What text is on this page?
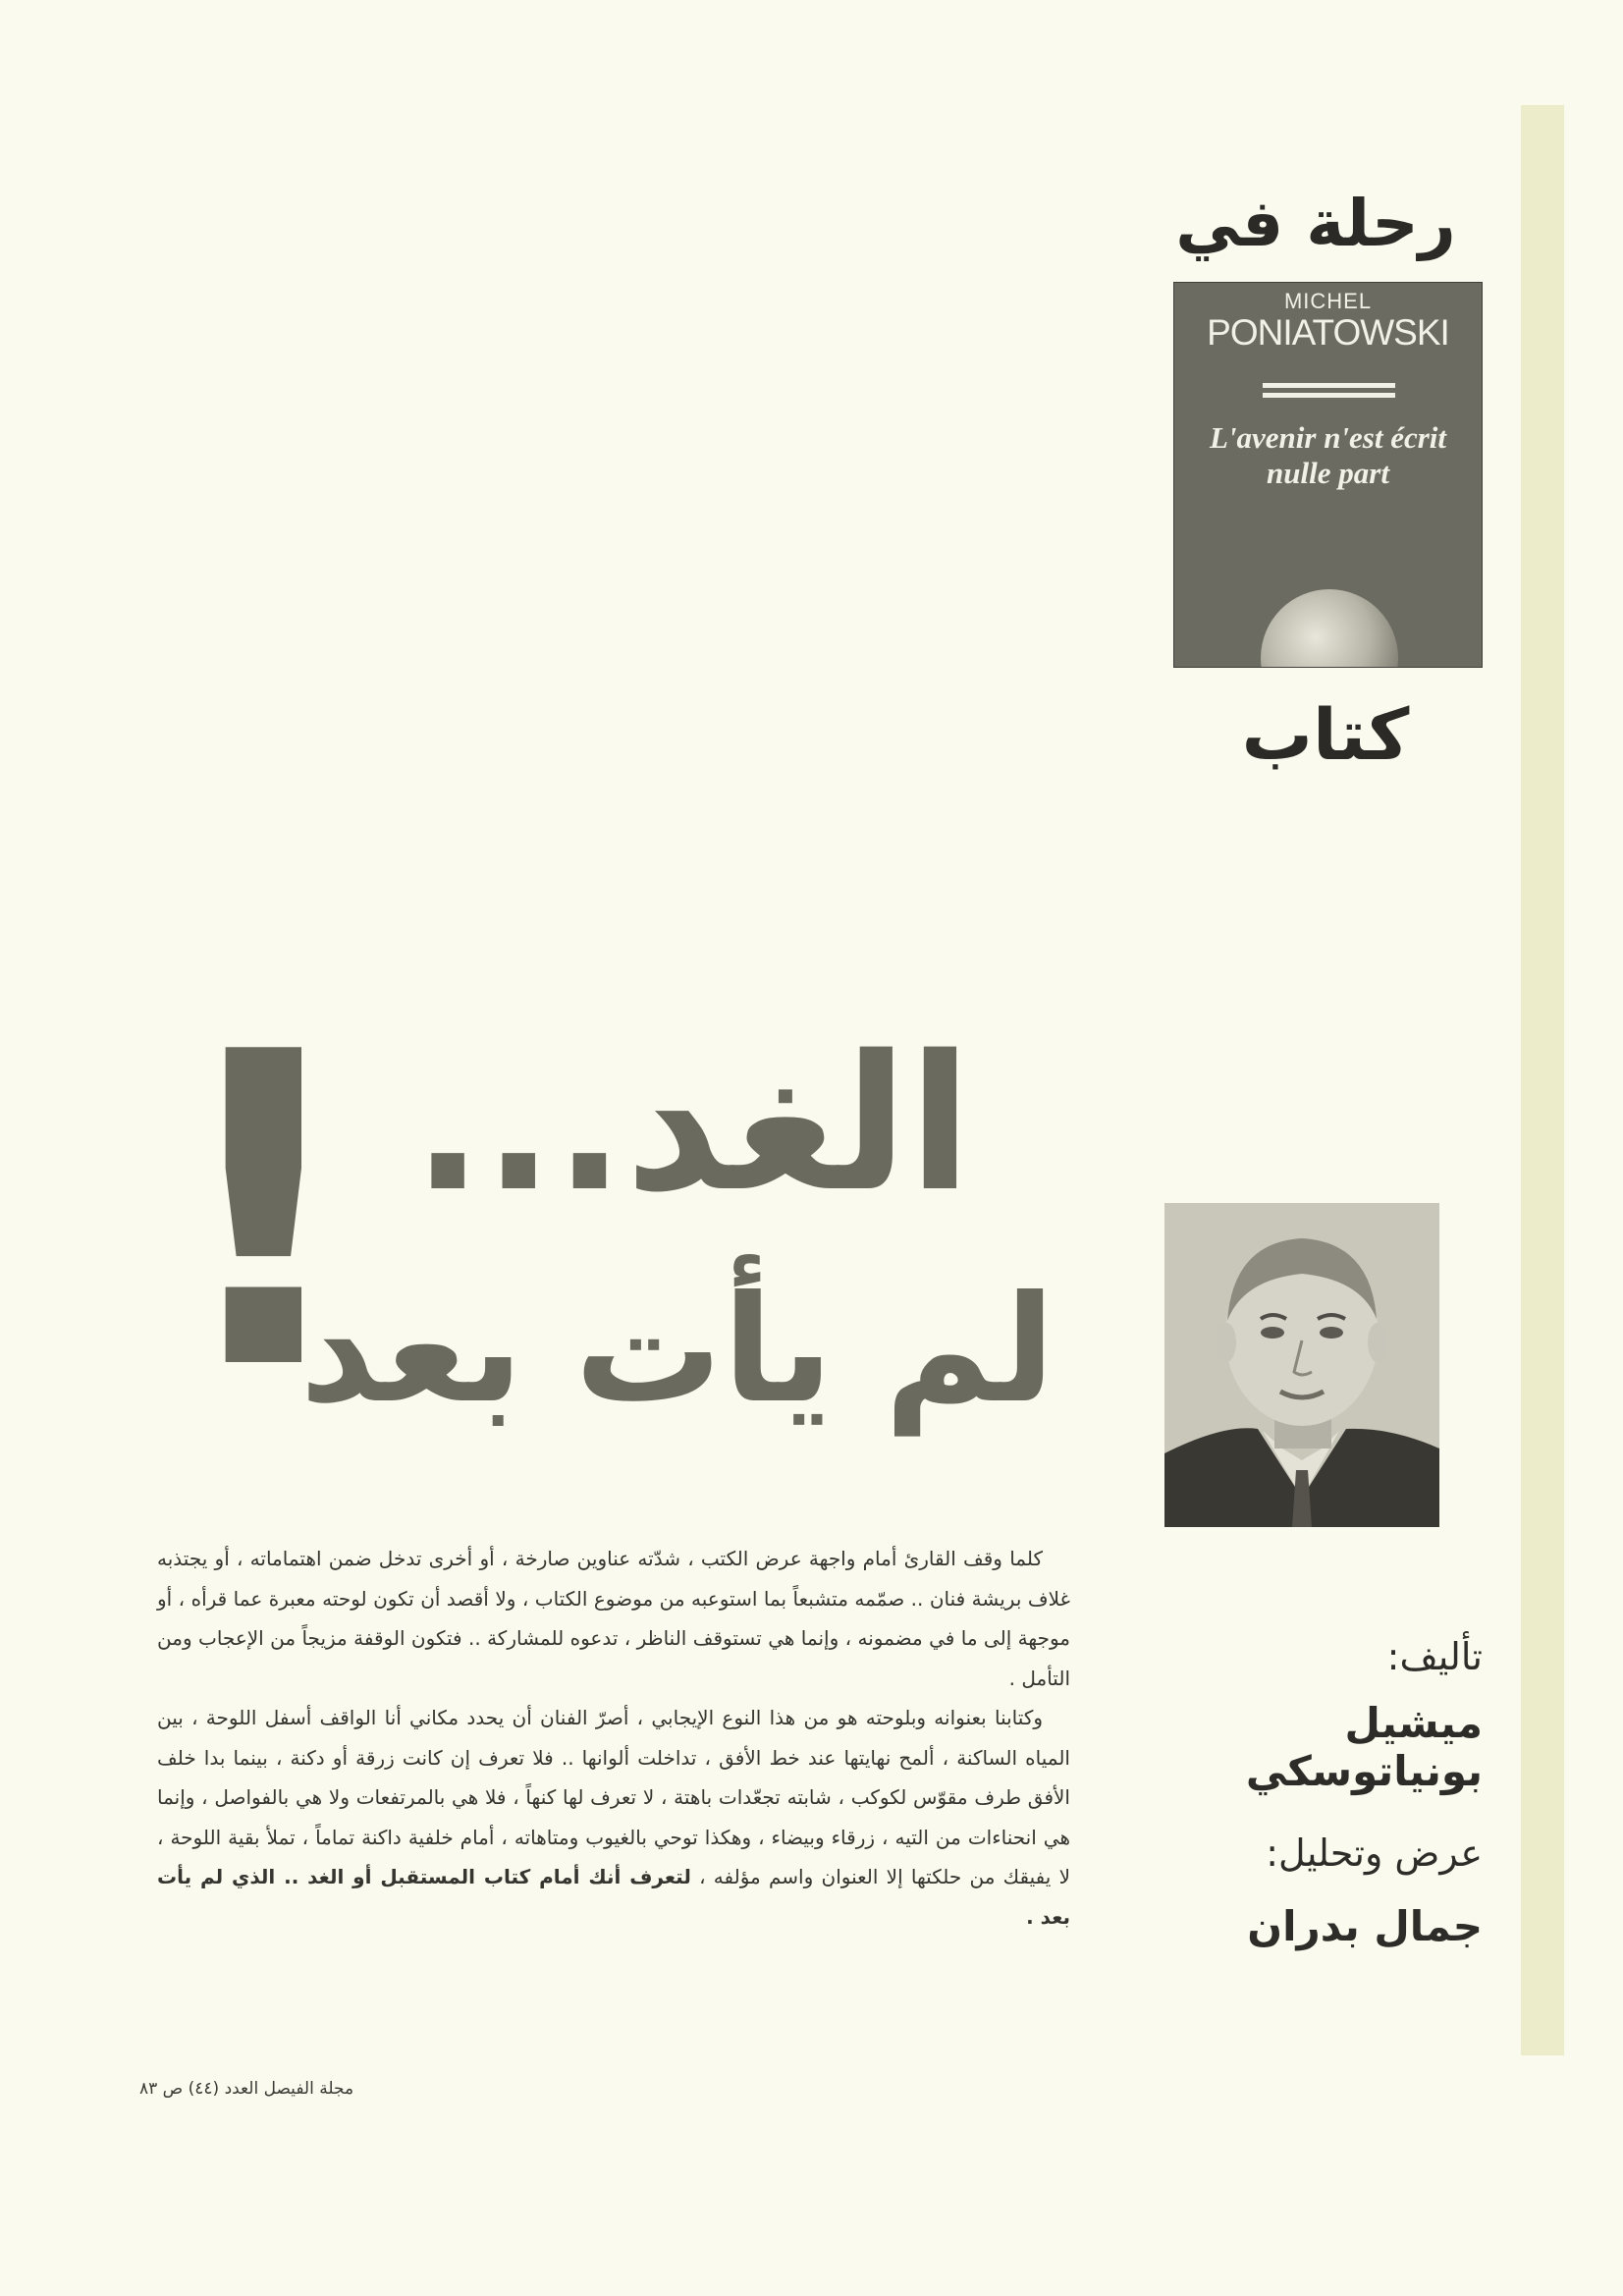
رحلة في
MICHEL
PONIATOWSKI
L'avenir n'est écrit
nulle part
كتاب
الغد...
لم يأت بعد
!
تأليف:
ميشيل بونياتوسكي
عرض وتحليل:
جمال بدران

كلما وقف القارئ أمام واجهة عرض الكتب ، شدّته عناوين صارخة ، أو أخرى تدخل ضمن اهتماماته ، أو يجتذبه غلاف بريشة فنان .. صمّمه متشبعاً بما استوعبه من موضوع الكتاب ، ولا أقصد أن تكون لوحته معبرة عما قرأه ، أو موجهة إلى ما في مضمونه ، وإنما هي تستوقف الناظر ، تدعوه للمشاركة .. فتكون الوقفة مزيجاً من الإعجاب ومن التأمل .

وكتابنا بعنوانه وبلوحته هو من هذا النوع الإيجابي ، أصرّ الفنان أن يحدد مكاني أنا الواقف أسفل اللوحة ، بين المياه الساكنة ، ألمح نهايتها عند خط الأفق ، تداخلت ألوانها .. فلا تعرف إن كانت زرقة أو دكنة ، بينما بدا خلف الأفق طرف مقوّس لكوكب ، شابته تجعّدات باهتة ، لا تعرف لها كنهاً ، فلا هي بالمرتفعات ولا هي بالفواصل ، وإنما هي انحناءات من التيه ، زرقاء وبيضاء ، وهكذا توحي بالغيوب ومتاهاته ، أمام خلفية داكنة تماماً ، تملأ بقية اللوحة ، لا يفيقك من حلكتها إلا العنوان واسم مؤلفه ، لتعرف أنك أمام كتاب المستقبل أو الغد .. الذي لم يأت بعد .

مجلة الفيصل العدد (٤٤) ص ٨٣
